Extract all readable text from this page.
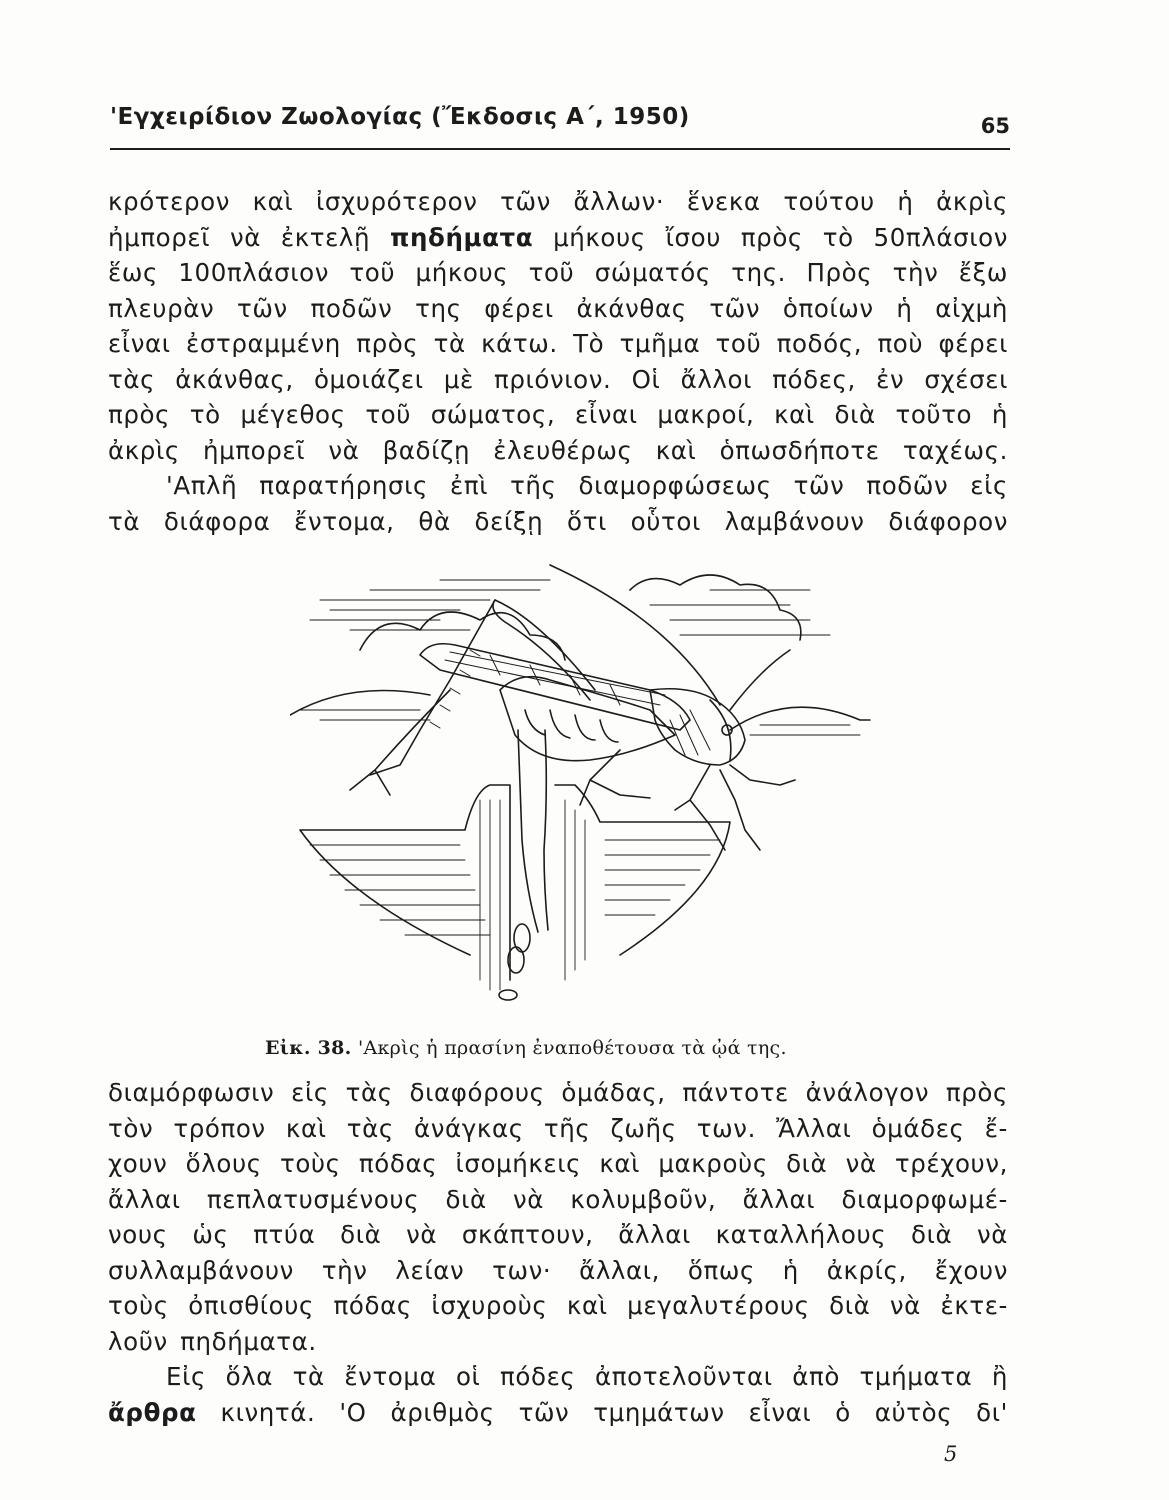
'Εγχειρίδιον Ζωολογίας (Ἔκδοσις Α΄, 1950)	65
κρότερον καὶ ἰσχυρότερον τῶν ἄλλων· ἕνεκα τούτου ἡ ἀκρὶς
ἠμπορεῖ νὰ ἐκτελῇ πηδήματα μήκους ἴσου πρὸς τὸ 50πλάσιον
ἕως 100πλάσιον τοῦ μήκους τοῦ σώματός της. Πρὸς τὴν ἔξω
πλευρὰν τῶν ποδῶν της φέρει ἀκάνθας τῶν ὁποίων ἡ αἰχμὴ
εἶναι ἐστραμμένη πρὸς τὰ κάτω. Τὸ τμῆμα τοῦ ποδός, ποὺ φέρει
τὰς ἀκάνθας, ὁμοιάζει μὲ πριόνιον. Οἱ ἄλλοι πόδες, ἐν σχέσει
πρὸς τὸ μέγεθος τοῦ σώματος, εἶναι μακροί, καὶ διὰ τοῦτο ἡ
ἀκρὶς ἠμπορεῖ νὰ βαδίζῃ ἐλευθέρως καὶ ὁπωσδήποτε ταχέως.
'Απλῆ παρατήρησις ἐπὶ τῆς διαμορφώσεως τῶν ποδῶν εἰς
τὰ διάφορα ἔντομα, θὰ δείξῃ ὅτι οὗτοι λαμβάνουν διάφορον
Εἰκ. 38. 'Ακρὶς ἡ πρασίνη ἐναποθέτουσα τὰ ᾠά της.
διαμόρφωσιν εἰς τὰς διαφόρους ὁμάδας, πάντοτε ἀνάλογον πρὸς
τὸν τρόπον καὶ τὰς ἀνάγκας τῆς ζωῆς των. Ἄλλαι ὁμάδες ἔ-
χουν ὅλους τοὺς πόδας ἰσομήκεις καὶ μακροὺς διὰ νὰ τρέχουν,
ἄλλαι πεπλατυσμένους διὰ νὰ κολυμβοῦν, ἄλλαι διαμορφωμέ-
νους ὡς πτύα διὰ νὰ σκάπτουν, ἄλλαι καταλλήλους διὰ νὰ
συλλαμβάνουν τὴν λείαν των· ἄλλαι, ὅπως ἡ ἀκρίς, ἔχουν
τοὺς ὀπισθίους πόδας ἰσχυροὺς καὶ μεγαλυτέρους διὰ νὰ ἐκτε-
λοῦν πηδήματα.
Εἰς ὅλα τὰ ἔντομα οἱ πόδες ἀποτελοῦνται ἀπὸ τμήματα ἢ
ἄρθρα κινητά. 'Ο ἀριθμὸς τῶν τμημάτων εἶναι ὁ αὐτὸς δι'
5
